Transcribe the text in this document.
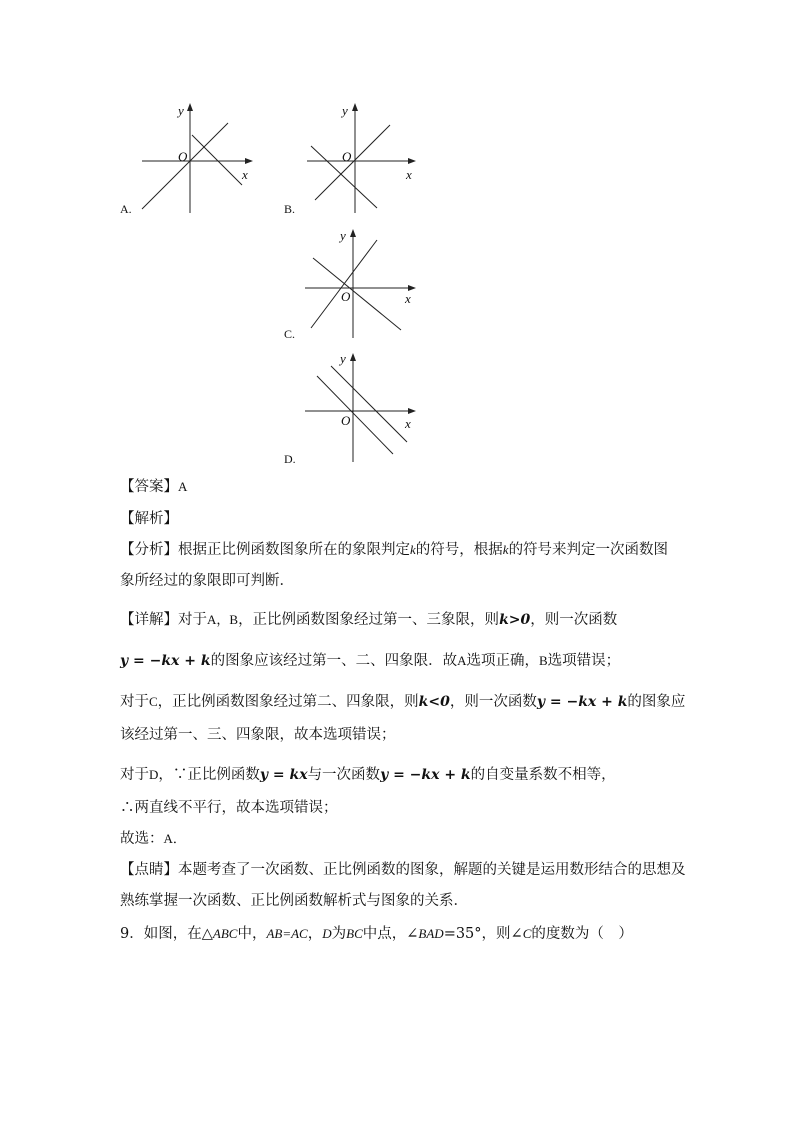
y
x
O
A.
y
x
O
B.
y
x
O
C.
y
x
O
D.
【答案】A
【解析】
【分析】根据正比例函数图象所在的象限判定k的符号，根据k的符号来判定一次函数图
象所经过的象限即可判断．
【详解】对于A，B，正比例函数图象经过第一、三象限，则k>0，则一次函数
y = −kx + k的图象应该经过第一、二、四象限．故A选项正确，B选项错误；
对于C，正比例函数图象经过第二、四象限，则k<0，则一次函数y = −kx + k的图象应
该经过第一、三、四象限，故本选项错误；
对于D，∵正比例函数y = kx与一次函数y = −kx + k的自变量系数不相等，
∴两直线不平行，故本选项错误；
故选：A．
【点睛】本题考查了一次函数、正比例函数的图象，解题的关键是运用数形结合的思想及
熟练掌握一次函数、正比例函数解析式与图象的关系．
9．如图，在△ABC中，AB=AC，D为BC中点，∠BAD=35°，则∠C的度数为（　）
